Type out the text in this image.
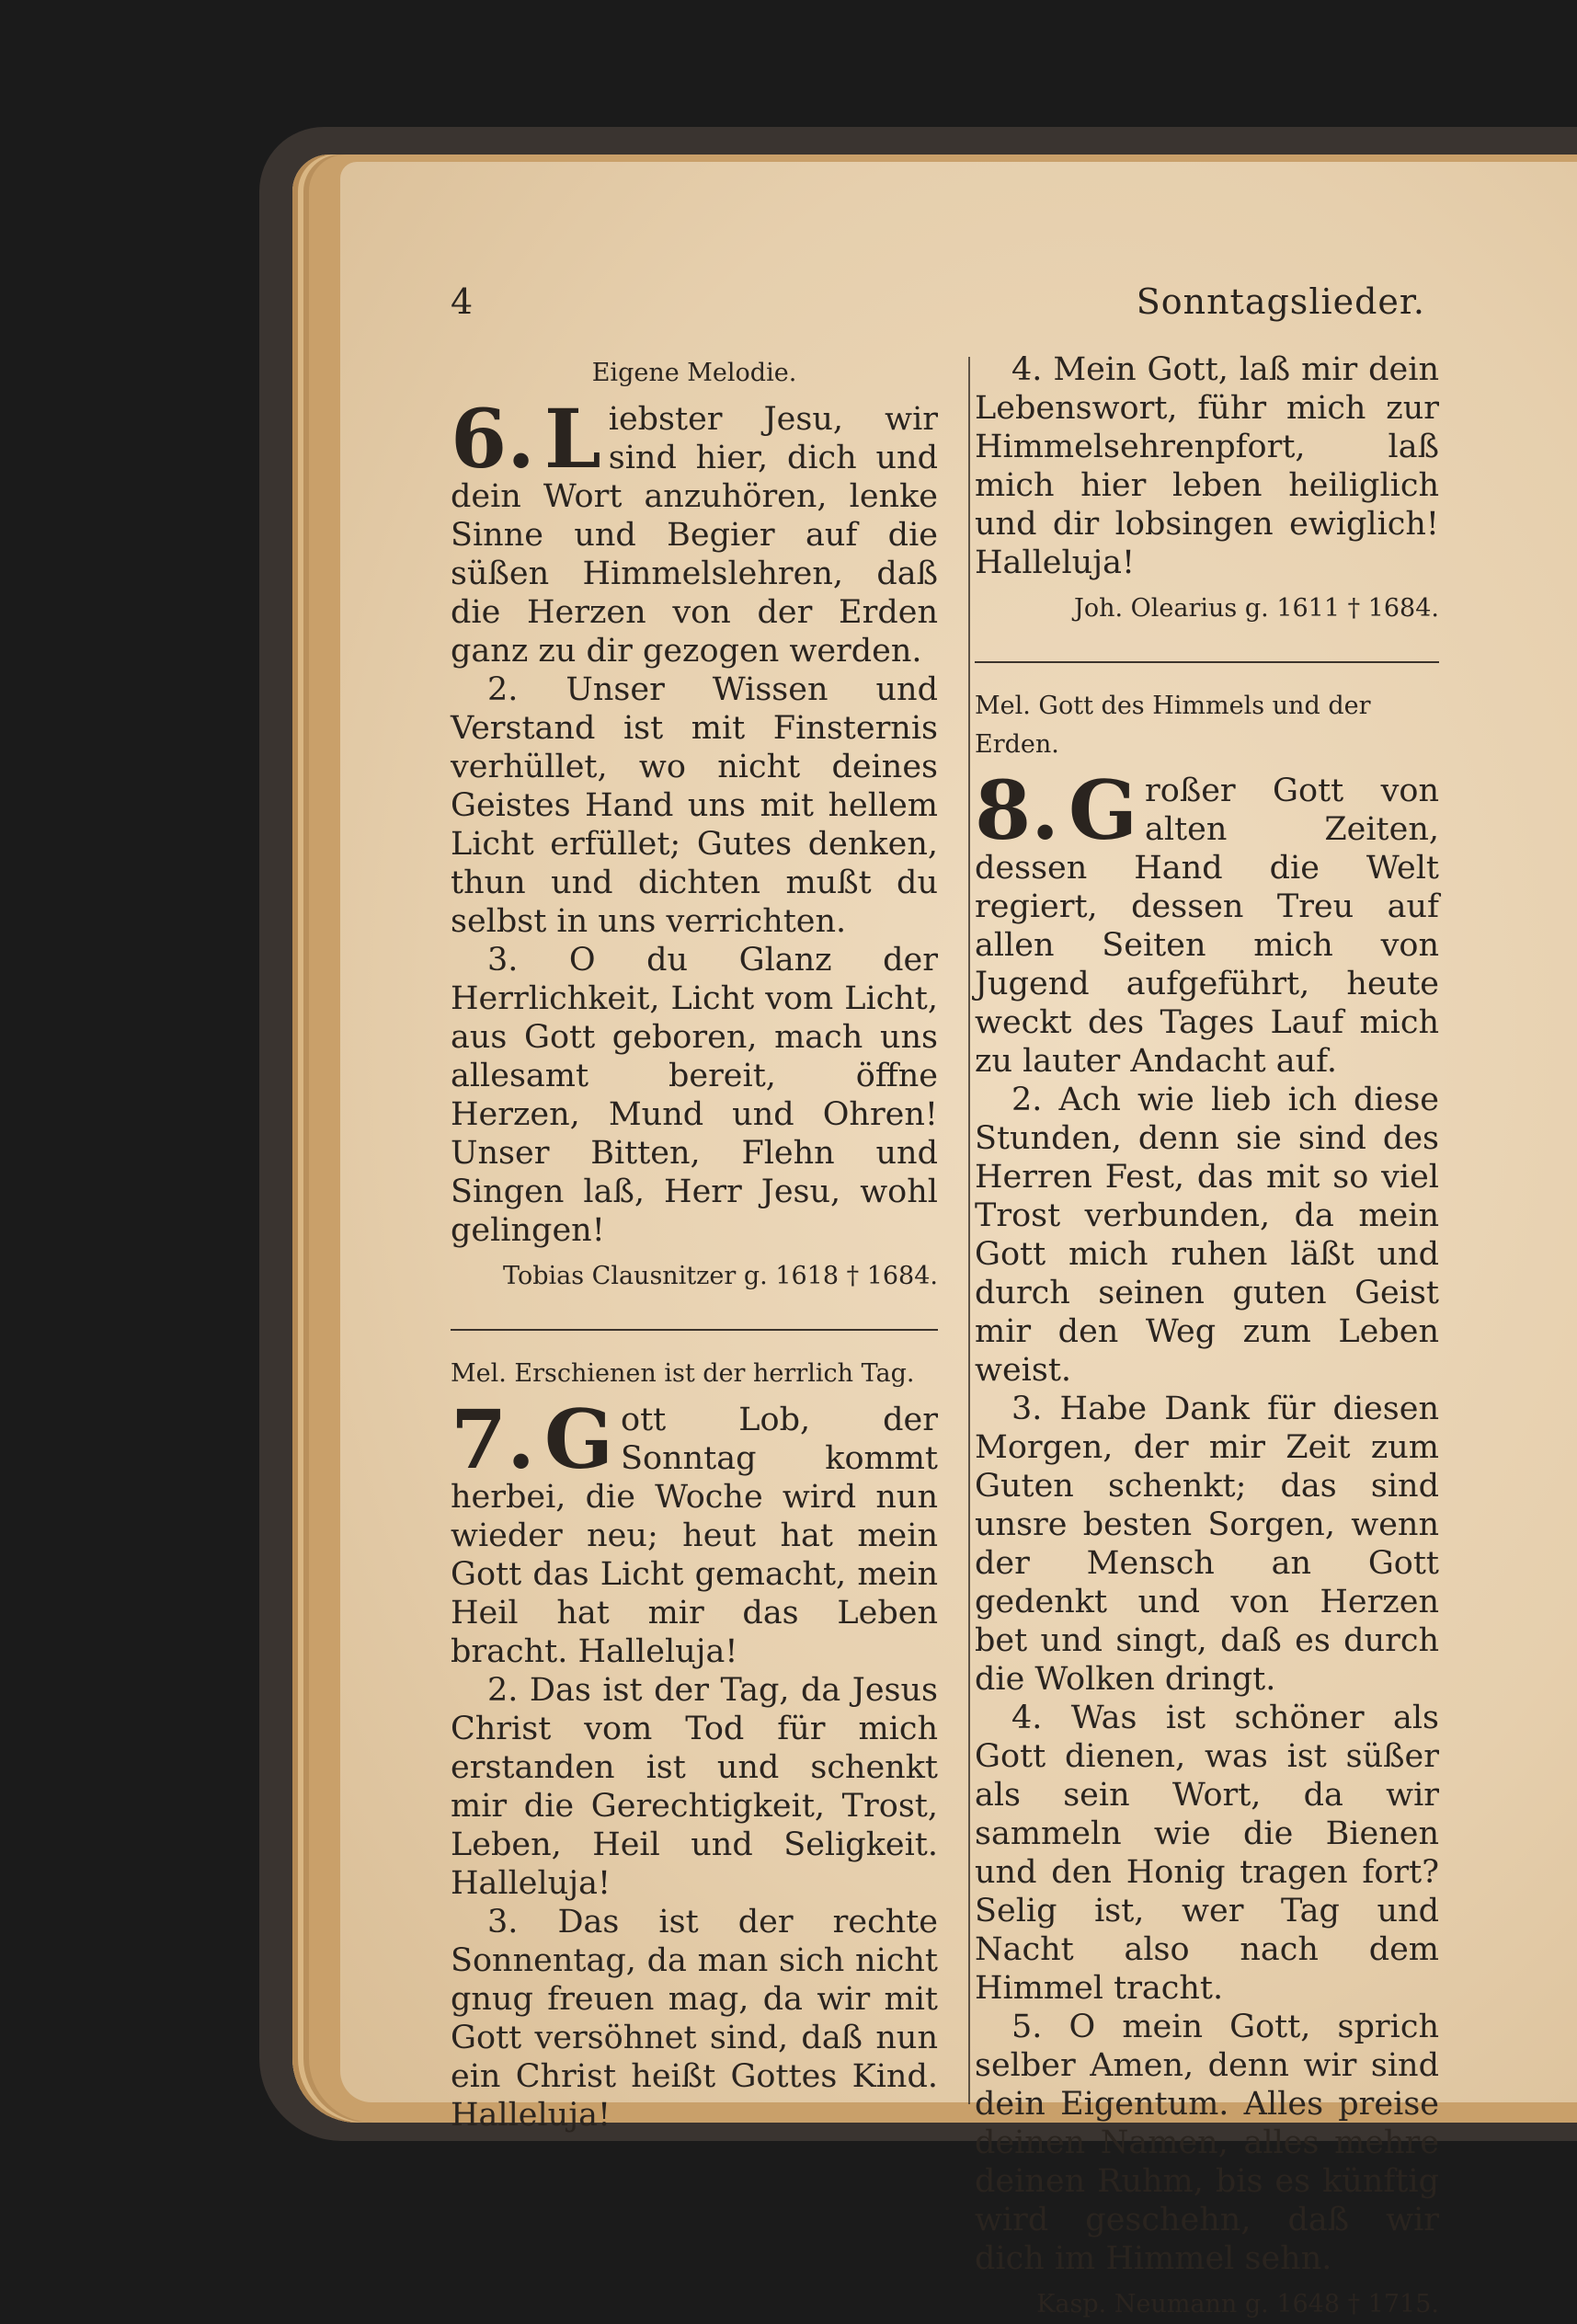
4	Sonntagslieder.
Eigene Melodie.
6. L iebster Jesu, wir sind hier, dich und dein Wort anzuhören, lenke Sinne und Begier auf die süßen Himmelslehren, daß die Herzen von der Erden ganz zu dir gezogen werden.

2. Unser Wissen und Verstand ist mit Finsternis verhüllet, wo nicht deines Geistes Hand uns mit hellem Licht erfüllet; Gutes denken, thun und dichten mußt du selbst in uns verrichten.

3. O du Glanz der Herrlichkeit, Licht vom Licht, aus Gott geboren, mach uns allesamt bereit, öffne Herzen, Mund und Ohren! Unser Bitten, Flehn und Singen laß, Herr Jesu, wohl gelingen!

Tobias Clausnitzer g. 1618 † 1684.
Mel. Erschienen ist der herrlich Tag.
7. G ott Lob, der Sonntag kommt herbei, die Woche wird nun wieder neu; heut hat mein Gott das Licht gemacht, mein Heil hat mir das Leben bracht. Halleluja!

2. Das ist der Tag, da Jesus Christ vom Tod für mich erstanden ist und schenkt mir die Gerechtigkeit, Trost, Leben, Heil und Seligkeit. Halleluja!

3. Das ist der rechte Sonnentag, da man sich nicht gnug freuen mag, da wir mit Gott versöhnet sind, daß nun ein Christ heißt Gottes Kind. Halleluja!

4. Mein Gott, laß mir dein Lebenswort, führ mich zur Himmelsehrenpfort, laß mich hier leben heiliglich und dir lobsingen ewiglich! Halleluja!

Joh. Olearius g. 1611 † 1684.
Mel. Gott des Himmels und der Erden.
8. G roßer Gott von alten Zeiten, dessen Hand die Welt regiert, dessen Treu auf allen Seiten mich von Jugend aufgeführt, heute weckt des Tages Lauf mich zu lauter Andacht auf.

2. Ach wie lieb ich diese Stunden, denn sie sind des Herren Fest, das mit so viel Trost verbunden, da mein Gott mich ruhen läßt und durch seinen guten Geist mir den Weg zum Leben weist.

3. Habe Dank für diesen Morgen, der mir Zeit zum Guten schenkt; das sind unsre besten Sorgen, wenn der Mensch an Gott gedenkt und von Herzen bet und singt, daß es durch die Wolken dringt.

4. Was ist schöner als Gott dienen, was ist süßer als sein Wort, da wir sammeln wie die Bienen und den Honig tragen fort? Selig ist, wer Tag und Nacht also nach dem Himmel tracht.

5. O mein Gott, sprich selber Amen, denn wir sind dein Eigentum. Alles preise deinen Namen, alles mehre deinen Ruhm, bis es künftig wird geschehn, daß wir dich im Himmel sehn.

Kasp. Neumann g. 1648 † 1715.
